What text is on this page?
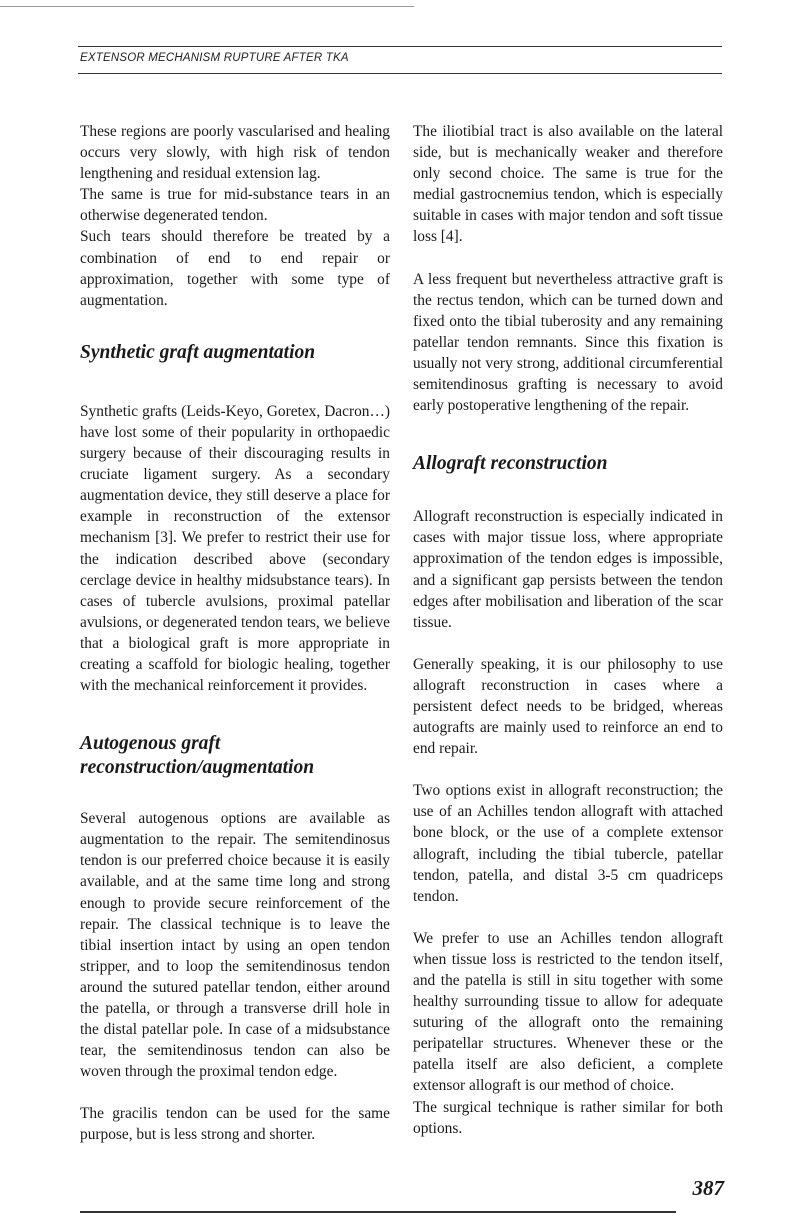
EXTENSOR MECHANISM RUPTURE AFTER TKA

These regions are poorly vascularised and healing occurs very slowly, with high risk of tendon lengthening and residual extension lag.

The same is true for mid-substance tears in an otherwise degenerated tendon.

Such tears should therefore be treated by a combination of end to end repair or approximation, together with some type of augmentation.

Synthetic graft augmentation

Synthetic grafts (Leids-Keyo, Goretex, Dacron…) have lost some of their popularity in orthopaedic surgery because of their discouraging results in cruciate ligament surgery. As a secondary augmentation device, they still deserve a place for example in reconstruction of the extensor mechanism [3]. We prefer to restrict their use for the indication described above (secondary cerclage device in healthy midsubstance tears). In cases of tubercle avulsions, proximal patellar avulsions, or degenerated tendon tears, we believe that a biological graft is more appropriate in creating a scaffold for biologic healing, together with the mechanical reinforcement it provides.

Autogenous graft
reconstruction/augmentation

Several autogenous options are available as augmentation to the repair. The semitendinosus tendon is our preferred choice because it is easily available, and at the same time long and strong enough to provide secure reinforcement of the repair. The classical technique is to leave the tibial insertion intact by using an open tendon stripper, and to loop the semitendinosus tendon around the sutured patellar tendon, either around the patella, or through a transverse drill hole in the distal patellar pole. In case of a midsubstance tear, the semitendinosus tendon can also be woven through the proximal tendon edge.

The gracilis tendon can be used for the same purpose, but is less strong and shorter.

The iliotibial tract is also available on the lateral side, but is mechanically weaker and therefore only second choice. The same is true for the medial gastrocnemius tendon, which is especially suitable in cases with major tendon and soft tissue loss [4].

A less frequent but nevertheless attractive graft is the rectus tendon, which can be turned down and fixed onto the tibial tuberosity and any remaining patellar tendon remnants. Since this fixation is usually not very strong, additional circumferential semitendinosus grafting is necessary to avoid early postoperative lengthening of the repair.

Allograft reconstruction

Allograft reconstruction is especially indicated in cases with major tissue loss, where appropriate approximation of the tendon edges is impossible, and a significant gap persists between the tendon edges after mobilisation and liberation of the scar tissue.

Generally speaking, it is our philosophy to use allograft reconstruction in cases where a persistent defect needs to be bridged, whereas autografts are mainly used to reinforce an end to end repair.

Two options exist in allograft reconstruction; the use of an Achilles tendon allograft with attached bone block, or the use of a complete extensor allograft, including the tibial tubercle, patellar tendon, patella, and distal 3-5 cm quadriceps tendon.

We prefer to use an Achilles tendon allograft when tissue loss is restricted to the tendon itself, and the patella is still in situ together with some healthy surrounding tissue to allow for adequate suturing of the allograft onto the remaining peripatellar structures. Whenever these or the patella itself are also deficient, a complete extensor allograft is our method of choice.

The surgical technique is rather similar for both options.

387
